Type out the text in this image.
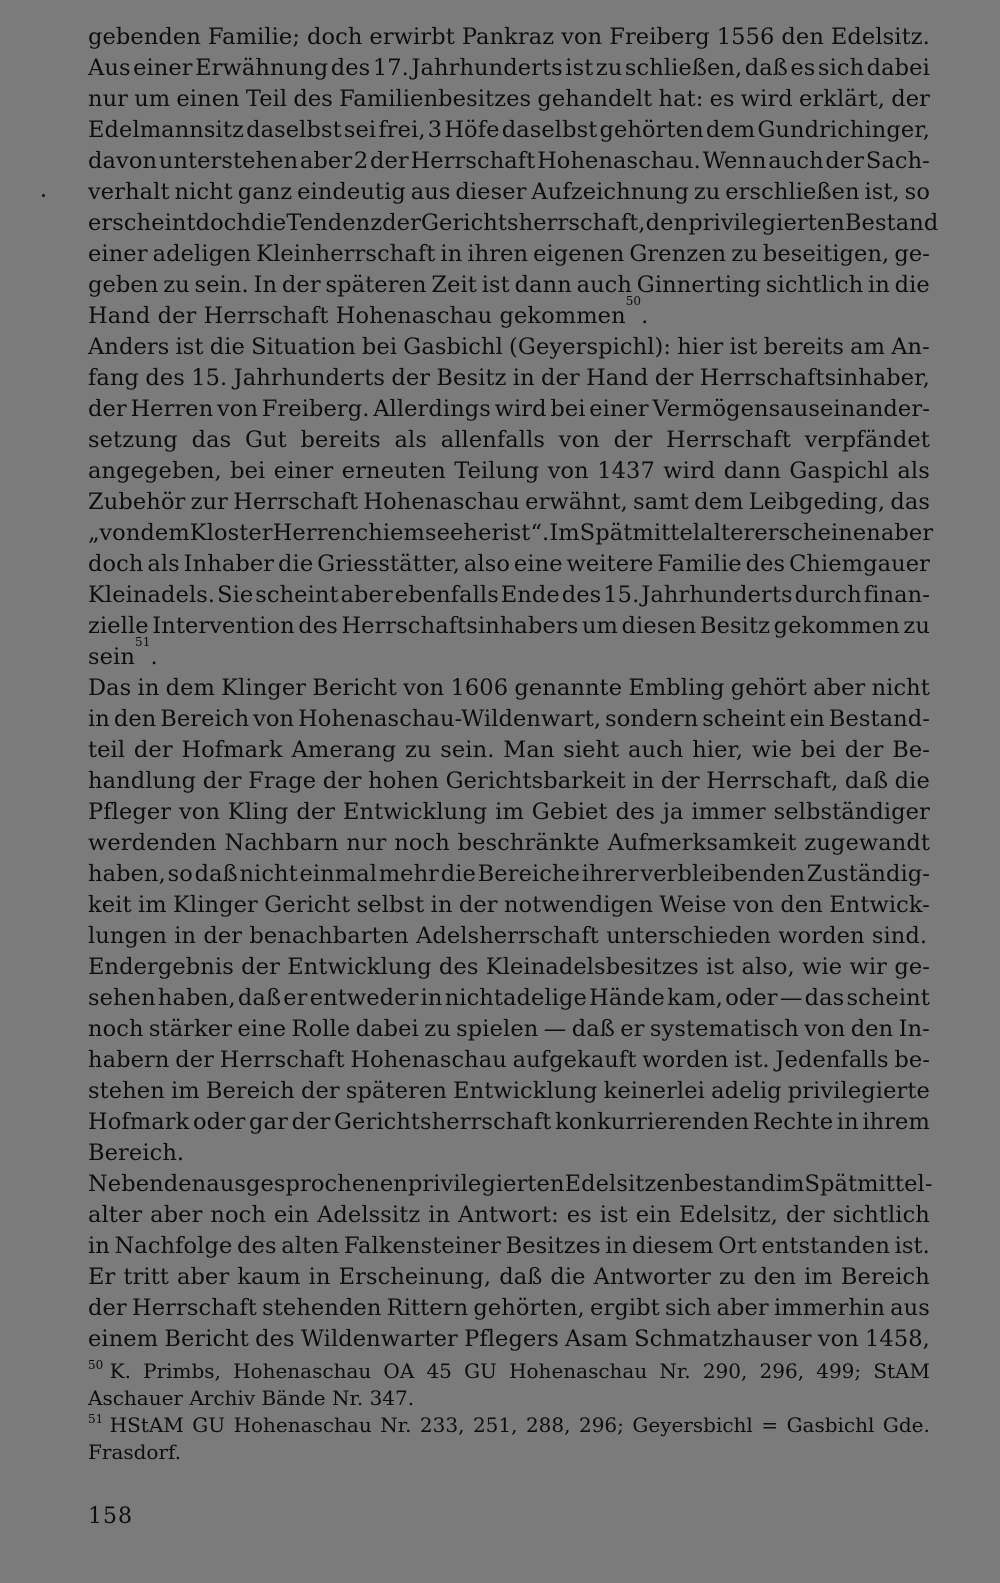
gebenden Familie; doch erwirbt Pankraz von Freiberg 1556 den Edelsitz.
Aus einer Erwähnung des 17. Jahrhunderts ist zu schließen, daß es sich dabei
nur um einen Teil des Familienbesitzes gehandelt hat: es wird erklärt, der
Edelmannsitz daselbst sei frei, 3 Höfe daselbst gehörten dem Gundrichinger,
davon unterstehen aber 2 der Herrschaft Hohenaschau. Wenn auch der Sach-
verhalt nicht ganz eindeutig aus dieser Aufzeichnung zu erschließen ist, so
erscheint doch die Tendenz der Gerichtsherrschaft, den privilegierten Bestand
einer adeligen Kleinherrschaft in ihren eigenen Grenzen zu beseitigen, ge-
geben zu sein. In der späteren Zeit ist dann auch Ginnerting sichtlich in die
Hand der Herrschaft Hohenaschau gekommen
50
.
Anders ist die Situation bei Gasbichl (Geyerspichl): hier ist bereits am An-
fang des 15. Jahrhunderts der Besitz in der Hand der Herrschaftsinhaber,
der Herren von Freiberg. Allerdings wird bei einer Vermögensauseinander-
setzung das Gut bereits als allenfalls von der Herrschaft verpfändet
angegeben, bei einer erneuten Teilung von 1437 wird dann Gaspichl als
Zubehör zur Herrschaft Hohenaschau erwähnt, samt dem Leibgeding, das
„von dem Kloster Herrenchiemsee her ist“. Im Spätmittelalter erscheinen aber
doch als Inhaber die Griesstätter, also eine weitere Familie des Chiemgauer
Kleinadels. Sie scheint aber ebenfalls Ende des 15. Jahrhunderts durch finan-
zielle Intervention des Herrschaftsinhabers um diesen Besitz gekommen zu
sein
51
.
Das in dem Klinger Bericht von 1606 genannte Embling gehört aber nicht
in den Bereich von Hohenaschau-Wildenwart, sondern scheint ein Bestand-
teil der Hofmark Amerang zu sein. Man sieht auch hier, wie bei der Be-
handlung der Frage der hohen Gerichtsbarkeit in der Herrschaft, daß die
Pfleger von Kling der Entwicklung im Gebiet des ja immer selbständiger
werdenden Nachbarn nur noch beschränkte Aufmerksamkeit zugewandt
haben, so daß nicht einmal mehr die Bereiche ihrer verbleibenden Zuständig-
keit im Klinger Gericht selbst in der notwendigen Weise von den Entwick-
lungen in der benachbarten Adelsherrschaft unterschieden worden sind.
Endergebnis der Entwicklung des Kleinadelsbesitzes ist also, wie wir ge-
sehen haben, daß er entweder in nichtadelige Hände kam, oder — das scheint
noch stärker eine Rolle dabei zu spielen — daß er systematisch von den In-
habern der Herrschaft Hohenaschau aufgekauft worden ist. Jedenfalls be-
stehen im Bereich der späteren Entwicklung keinerlei adelig privilegierte
Hofmark oder gar der Gerichtsherrschaft konkurrierenden Rechte in ihrem
Bereich.
Neben den ausgesprochenen privilegierten Edelsitzen bestand im Spätmittel-
alter aber noch ein Adelssitz in Antwort: es ist ein Edelsitz, der sichtlich
in Nachfolge des alten Falkensteiner Besitzes in diesem Ort entstanden ist.
Er tritt aber kaum in Erscheinung, daß die Antworter zu den im Bereich
der Herrschaft stehenden Rittern gehörten, ergibt sich aber immerhin aus
einem Bericht des Wildenwarter Pflegers Asam Schmatzhauser von 1458,
$^{50}$ K. Primbs, Hohenaschau OA 45 GU Hohenaschau Nr. 290, 296, 499; StAM
Aschauer Archiv Bände Nr. 347.
$^{51}$ HStAM GU Hohenaschau Nr. 233, 251, 288, 296; Geyersbichl = Gasbichl Gde.
Frasdorf.
158
